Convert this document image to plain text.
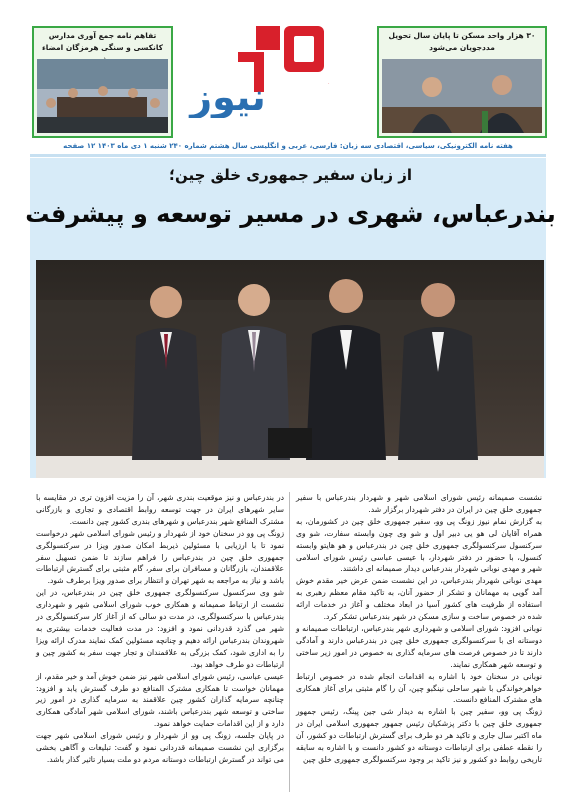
۳۰ هزار واحد مسکن تا پایان سال تحویل مددجویان می‌شود
تفاهم نامه جمع آوری مدارس کانکسی و سنگی هرمزگان امضاء
نیوز	نما
هفته نامه الکترونیکی، سیاسی، اقتصادی سه زبان: فارسی، عربی و انگلیسی سال هشتم شماره ۲۴۰ شنبه ۱ دی ماه ۱۴۰۳ ۱۲ صفحه
از زبان سفیر جمهوری خلق چین؛
بندرعباس، شهری در مسیر توسعه و پیشرفت

نشست صمیمانه رئیس شورای اسلامی شهر و شهردار بندرعباس با سفیر جمهوری خلق چین در ایران در دفتر شهردار برگزار شد.

به گزارش نمام نیوز زونگ پی وو، سفیر جمهوری خلق چین در کشورمان، به همراه آقایان لی هو یی دبیر اول و شو وی چون وابسته سفارت، شو وی سرکنسول سرکنسولگری جمهوری خلق چین در بندرعباس و هو هایتو وابسته کنسول، با حضور در دفتر شهردار، با عیسی عباسی رئیس شورای اسلامی شهر و مهدی نوبانی شهردار بندرعباس دیدار صمیمانه ای داشتند.

مهدی نوبانی شهردار بندرعباس، در این نشست ضمن عرض خیر مقدم خوش آمد گویی به مهمانان و تشکر از حضور آنان، به تاکید مقام معظم رهبری به استفاده از ظرفیت های کشور آسیا در ابعاد مختلف و آغاز در خدمات ارائه شده در خصوص ساخت و سازی مسکن در شهر بندرعباس تشکر کرد.

نوبانی افزود: شورای اسلامی و شهرداری شهر بندرعباس، ارتباطات صمیمانه و دوستانه ای با سرکنسولگری جمهوری خلق چین در بندرعباس دارند و آمادگی دارند تا در خصوص فرصت های سرمایه گذاری به خصوص در امور زیر ساختی و توسعه شهر همکاری نمایند.

نوبانی در سخنان خود با اشاره به اقدامات انجام شده در خصوص ارتباط خواهرخواندگی با شهر ساحلی نینگبو چین، آن را گام مثبتی برای آغاز همکاری های مشترک المنافع دانست.

زونگ پی وو، سفیر چین با اشاره به دیدار شی جین پینگ، رئیس جمهور جمهوری خلق چین با دکتر پزشکیان رئیس جمهور جمهوری اسلامی ایران در ماه اکتبر سال جاری و تاکید هر دو طرف برای گسترش ارتباطات دو کشور، آن را نقطه عطفی برای ارتباطات دوستانه دو کشور دانست و با اشاره به سابقه تاریخی روابط دو کشور و نیز تاکید بر وجود سرکنسولگری جمهوری خلق چین

در بندرعباس و نیز موقعیت بندری شهر، آن را مزیت افزون تری در مقایسه با سایر شهرهای ایران در جهت توسعه روابط اقتصادی و تجاری و بازرگانی مشترک المنافع شهر بندرعباس و شهرهای بندری کشور چین دانست.

زونگ پی وو در سخنان خود از شهردار و رئیس شورای اسلامی شهر درخواست نمود تا با ارزیابی با مسئولین ذیربط امکان صدور ویزا در سرکنسولگری جمهوری خلق چین در بندرعباس را فراهم سازند تا ضمن تسهیل سفر علاقمندان، بازرگانان و مسافران برای سفر، گام مثبتی برای گسترش ارتباطات باشد و نیاز به مراجعه به شهر تهران و انتظار برای صدور ویزا برطرف شود.

شو وی سرکنسول سرکنسولگری جمهوری خلق چین در بندرعباس، در این نشست از ارتباط صمیمانه و همکاری خوب شورای اسلامی شهر و شهرداری بندرعباس با سرکنسولگری، در مدت دو سالی که از آغاز کار سرکنسولگری در شهر می گذرد قدردانی نمود و افزود: در مدت فعالیت خدمات بیشتری به شهروندان بندرعباس ارائه دهیم و چنانچه مسئولین کمک نمایند مدرک ارائه ویزا را به اداری شود، کمک بزرگی به علاقمندان و تجار جهت سفر به کشور چین و ارتباطات دو طرف خواهد بود.

عیسی عباسی، رئیس شورای اسلامی شهر نیز ضمن خوش آمد و خیر مقدم، از مهمانان خواست تا همکاری مشترک المنافع دو طرف گسترش یابد و افزود: چنانچه سرمایه گذاران کشور چین علاقمند به سرمایه گذاری در امور زیر ساختی و توسعه شهر بندرعباس باشند، شورای اسلامی شهر آمادگی همکاری دارد و از این اقدامات حمایت خواهد نمود.

در پایان جلسه، زونگ پی وو از شهردار و رئیس شورای اسلامی شهر جهت برگزاری این نشست صمیمانه قدردانی نمود و گفت: تبلیغات و آگاهی بخشی می تواند در گسترش ارتباطات دوستانه مردم دو ملت بسیار تاثیر گذار باشد.
